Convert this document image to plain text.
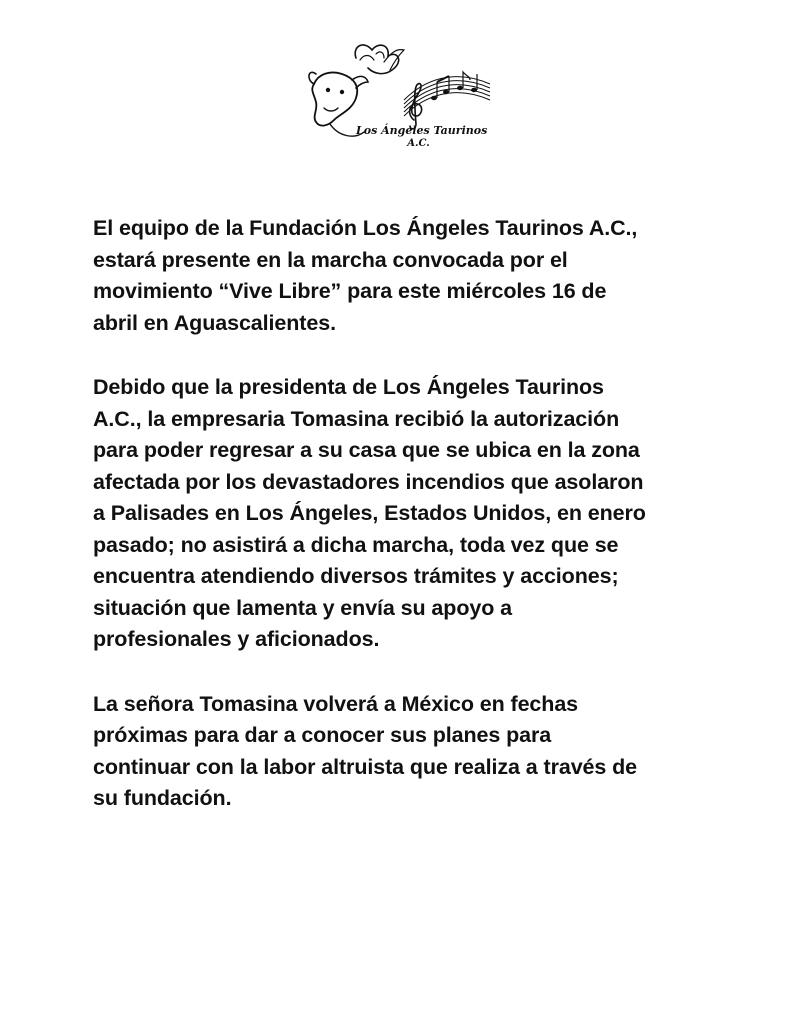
Los Ángeles Taurinos
A.C.

El equipo de la Fundación Los Ángeles Taurinos A.C.,
estará presente en la marcha convocada por el
movimiento “Vive Libre” para este miércoles 16 de
abril en Aguascalientes.

Debido que la presidenta de Los Ángeles Taurinos
A.C., la empresaria Tomasina recibió la autorización
para poder regresar a su casa que se ubica en la zona
afectada por los devastadores incendios que asolaron
a Palisades en Los Ángeles, Estados Unidos, en enero
pasado; no asistirá a dicha marcha, toda vez que se
encuentra atendiendo diversos trámites y acciones;
situación que lamenta y envía su apoyo a
profesionales y aficionados.

La señora Tomasina volverá a México en fechas
próximas para dar a conocer sus planes para
continuar con la labor altruista que realiza a través de
su fundación.
